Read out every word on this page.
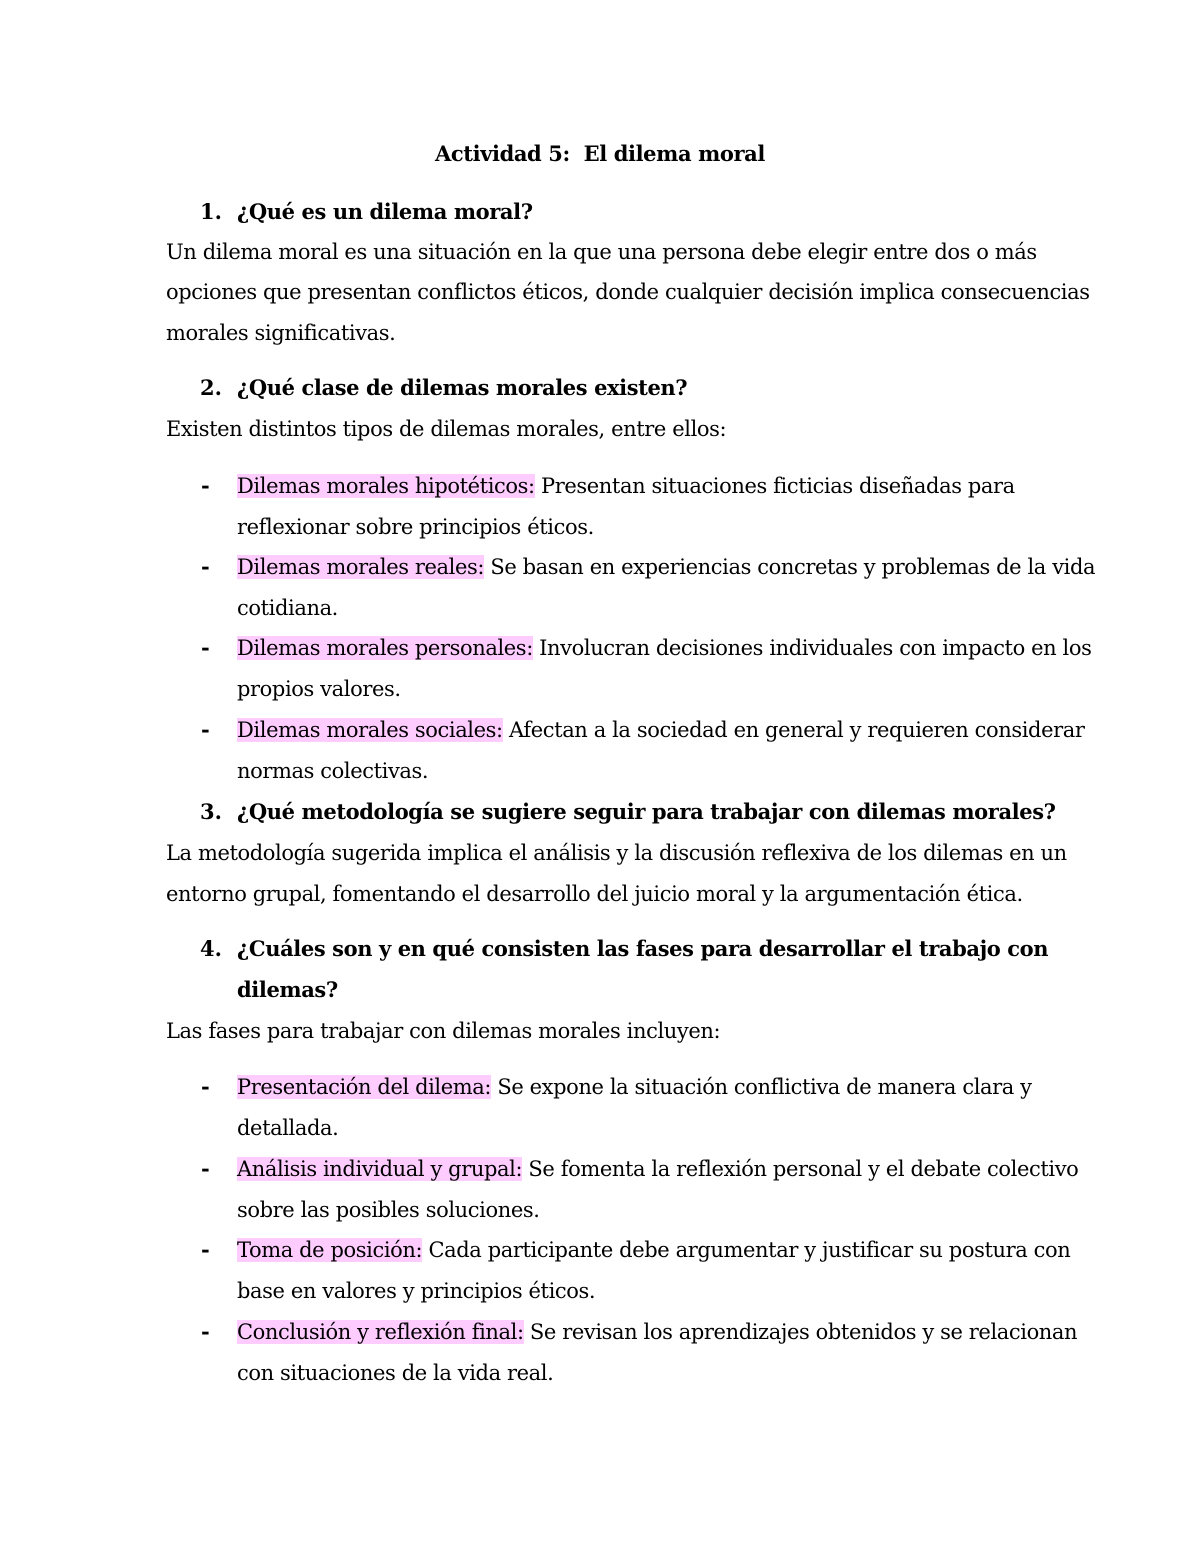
Actividad 5:  El dilema moral
1. ¿Qué es un dilema moral?
Un dilema moral es una situación en la que una persona debe elegir entre dos o más
opciones que presentan conflictos éticos, donde cualquier decisión implica consecuencias
morales significativas.
2. ¿Qué clase de dilemas morales existen?
Existen distintos tipos de dilemas morales, entre ellos:
- Dilemas morales hipotéticos: Presentan situaciones ficticias diseñadas para
reflexionar sobre principios éticos.
- Dilemas morales reales: Se basan en experiencias concretas y problemas de la vida
cotidiana.
- Dilemas morales personales: Involucran decisiones individuales con impacto en los
propios valores.
- Dilemas morales sociales: Afectan a la sociedad en general y requieren considerar
normas colectivas.
3. ¿Qué metodología se sugiere seguir para trabajar con dilemas morales?
La metodología sugerida implica el análisis y la discusión reflexiva de los dilemas en un
entorno grupal, fomentando el desarrollo del juicio moral y la argumentación ética.
4. ¿Cuáles son y en qué consisten las fases para desarrollar el trabajo con
dilemas?
Las fases para trabajar con dilemas morales incluyen:
- Presentación del dilema: Se expone la situación conflictiva de manera clara y
detallada.
- Análisis individual y grupal: Se fomenta la reflexión personal y el debate colectivo
sobre las posibles soluciones.
- Toma de posición: Cada participante debe argumentar y justificar su postura con
base en valores y principios éticos.
- Conclusión y reflexión final: Se revisan los aprendizajes obtenidos y se relacionan
con situaciones de la vida real.
